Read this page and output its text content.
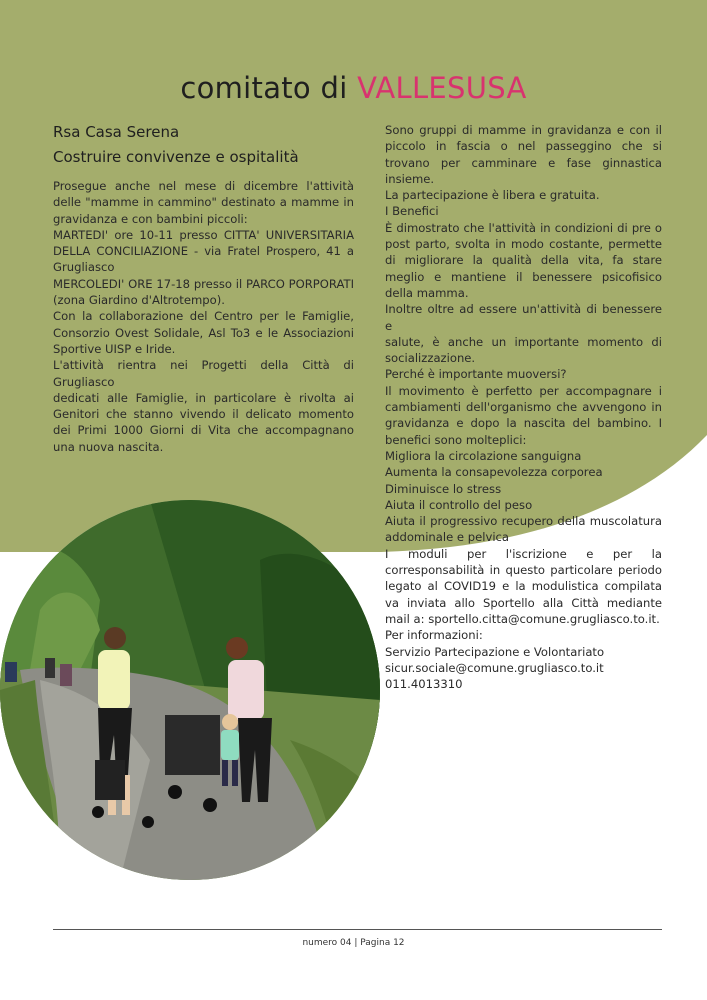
comitato di VALLESUSA
Rsa Casa Serena
Costruire convivenze e ospitalità
Prosegue anche nel mese di dicembre l'attività
delle "mamme in cammino" destinato a mamme in
gravidanza e con bambini piccoli:
MARTEDI' ore 10-11 presso CITTA' UNIVERSITARIA
DELLA CONCILIAZIONE - via Fratel Prospero, 41 a
Grugliasco
MERCOLEDI' ORE 17-18 presso il PARCO PORPORATI
(zona Giardino d'Altrotempo).
Con la collaborazione del Centro per le Famiglie,
Consorzio Ovest Solidale, Asl To3 e le Associazioni
Sportive UISP e Iride.
L'attività rientra nei Progetti della Città di Grugliasco
dedicati alle Famiglie, in particolare è rivolta ai
Genitori che stanno vivendo il delicato momento
dei Primi 1000 Giorni di Vita che accompagnano
una nuova nascita.
Sono gruppi di mamme in gravidanza e con il
piccolo in fascia o nel passeggino che si
trovano per camminare e fase ginnastica
insieme.
La partecipazione è libera e gratuita.
I Benefici
È dimostrato che l'attività in condizioni di pre o
post parto, svolta in modo costante, permette
di migliorare la qualità della vita, fa stare
meglio e mantiene il benessere psicofisico
della mamma.
Inoltre oltre ad essere un'attività di benessere e
salute, è anche un importante momento di
socializzazione.
Perché è importante muoversi?
Il movimento è perfetto per accompagnare i
cambiamenti dell'organismo che avvengono in
gravidanza e dopo la nascita del bambino. I
benefici sono molteplici:
Migliora la circolazione sanguigna
Aumenta la consapevolezza corporea
Diminuisce lo stress
Aiuta il controllo del peso
Aiuta il progressivo recupero della muscolatura
addominale e pelvica
I moduli per l'iscrizione e per la
corresponsabilità in questo particolare periodo
legato al COVID19 e la modulistica compilata
va inviata allo Sportello alla Città mediante
mail a: sportello.citta@comune.grugliasco.to.it.
Per informazioni:
Servizio Partecipazione e Volontariato
sicur.sociale@comune.grugliasco.to.it
011.4013310
numero 04 | Pagina 12
